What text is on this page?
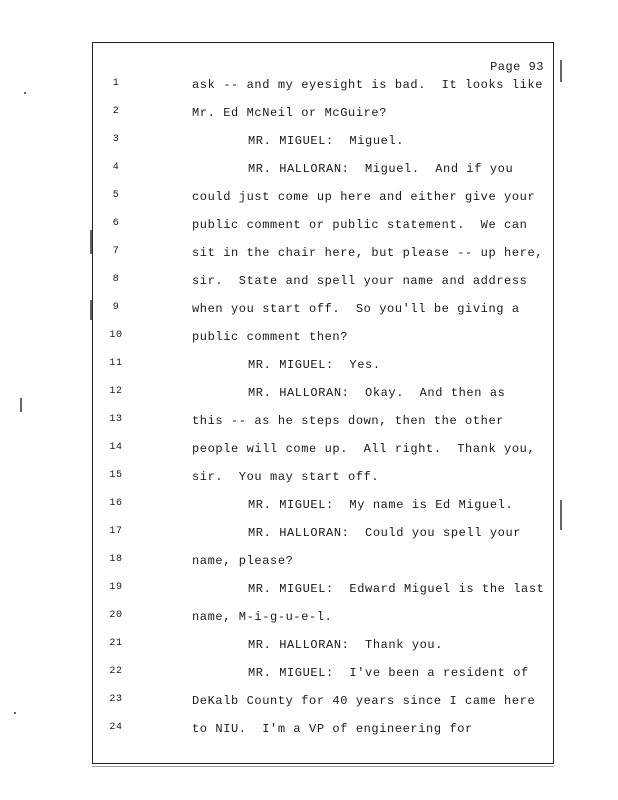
Page 93
1	ask -- and my eyesight is bad.  It looks like
2	Mr. Ed McNeil or McGuire?
3	MR. MIGUEL:  Miguel.
4	MR. HALLORAN:  Miguel.  And if you
5	could just come up here and either give your
6	public comment or public statement.  We can
7	sit in the chair here, but please -- up here,
8	sir.  State and spell your name and address
9	when you start off.  So you'll be giving a
10	public comment then?
11	MR. MIGUEL:  Yes.
12	MR. HALLORAN:  Okay.  And then as
13	this -- as he steps down, then the other
14	people will come up.  All right.  Thank you,
15	sir.  You may start off.
16	MR. MIGUEL:  My name is Ed Miguel.
17	MR. HALLORAN:  Could you spell your
18	name, please?
19	MR. MIGUEL:  Edward Miguel is the last
20	name, M-i-g-u-e-l.
21	MR. HALLORAN:  Thank you.
22	MR. MIGUEL:  I've been a resident of
23	DeKalb County for 40 years since I came here
24	to NIU.  I'm a VP of engineering for
